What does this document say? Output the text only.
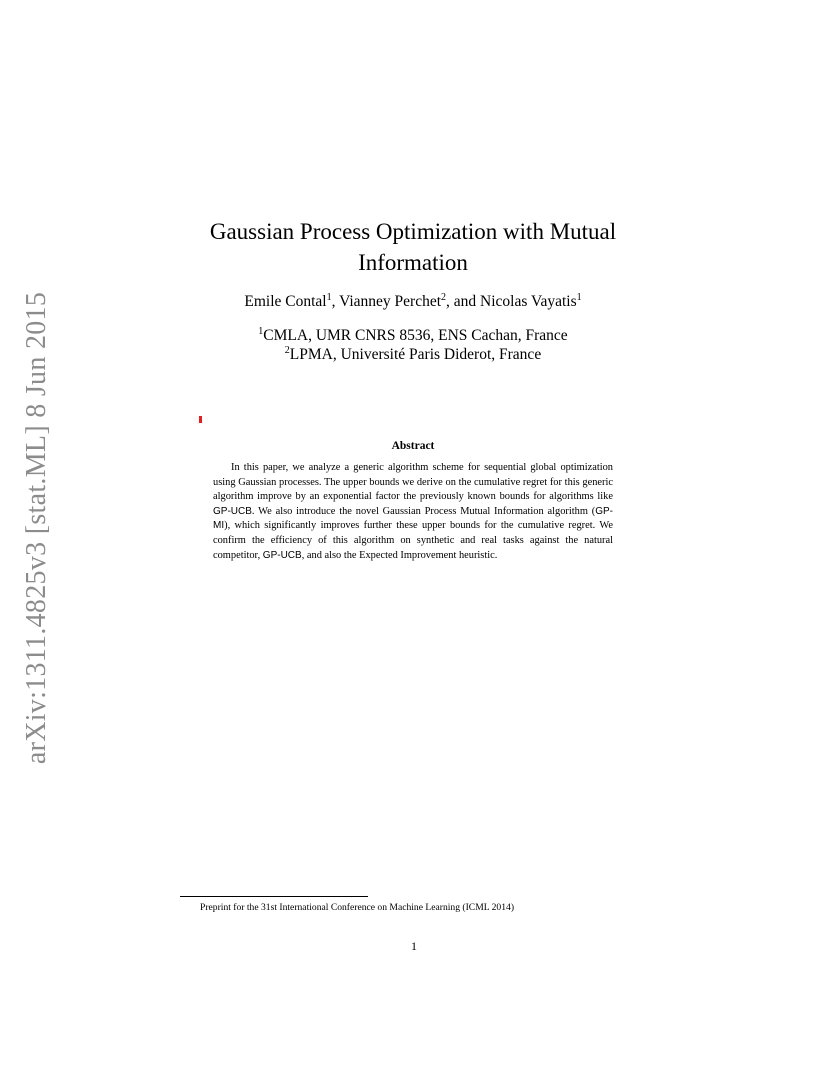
arXiv:1311.4825v3 [stat.ML] 8 Jun 2015
Gaussian Process Optimization with Mutual Information
Emile Contal$^1$, Vianney Perchet$^2$, and Nicolas Vayatis$^1$
$^1$CMLA, UMR CNRS 8536, ENS Cachan, France
$^2$LPMA, Université Paris Diderot, France
Abstract

In this paper, we analyze a generic algorithm scheme for sequential global optimization using Gaussian processes. The upper bounds we derive on the cumulative regret for this generic algorithm improve by an exponential factor the previously known bounds for algorithms like GP-UCB. We also introduce the novel Gaussian Process Mutual Information algorithm (GP-MI), which significantly improves further these upper bounds for the cumulative regret. We confirm the efficiency of this algorithm on synthetic and real tasks against the natural competitor, GP-UCB, and also the Expected Improvement heuristic.

Preprint for the 31st International Conference on Machine Learning (ICML 2014)
1
